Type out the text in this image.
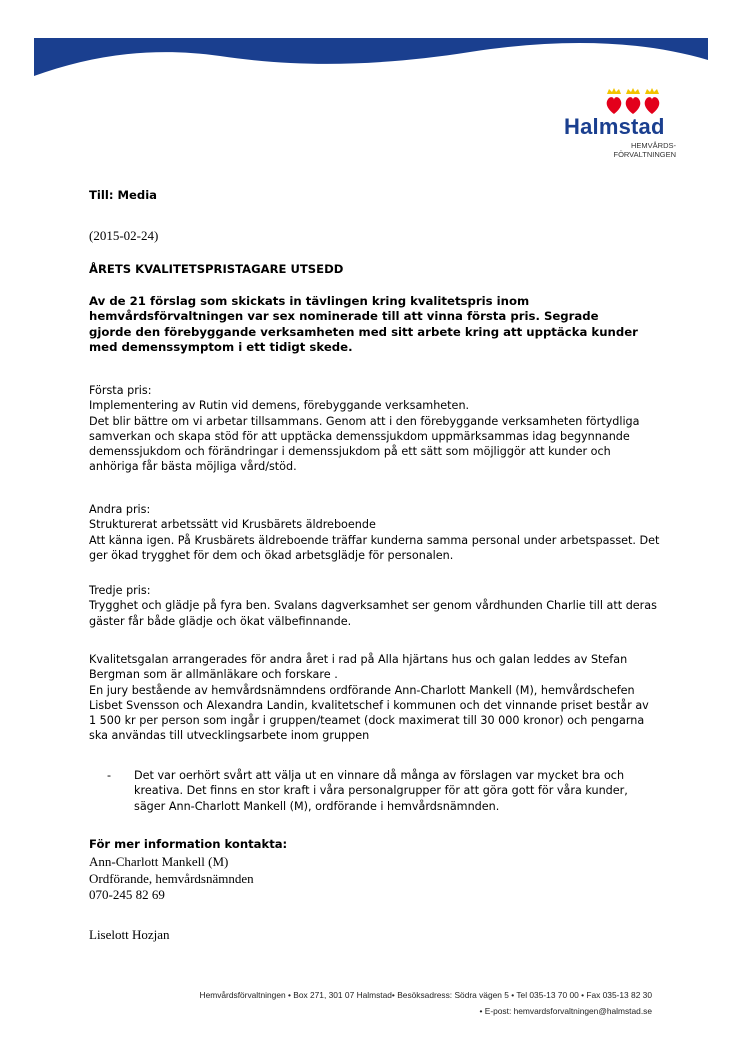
Halmstad
HEMVÅRDS-
FÖRVALTNINGEN
Till: Media
(2015-02-24)
ÅRETS KVALITETSPRISTAGARE UTSEDD
Av de 21 förslag som skickats in tävlingen kring kvalitetspris inom
hemvårdsförvaltningen var sex nominerade till att vinna första pris. Segrade
gjorde den förebyggande verksamheten med sitt arbete kring att upptäcka kunder
med demenssymptom i ett tidigt skede.
Första pris:
Implementering av Rutin vid demens, förebyggande verksamheten.
Det blir bättre om vi arbetar tillsammans. Genom att i den förebyggande verksamheten förtydliga
samverkan och skapa stöd för att upptäcka demenssjukdom uppmärksammas idag begynnande
demenssjukdom och förändringar i demenssjukdom på ett sätt som möjliggör att kunder och
anhöriga får bästa möjliga vård/stöd.
Andra pris:
Strukturerat arbetssätt vid Krusbärets äldreboende
Att känna igen. På Krusbärets äldreboende träffar kunderna samma personal under arbetspasset. Det
ger ökad trygghet för dem och ökad arbetsglädje för personalen.
Tredje pris:
Trygghet och glädje på fyra ben. Svalans dagverksamhet ser genom vårdhunden Charlie till att deras
gäster får både glädje och ökat välbefinnande.
Kvalitetsgalan arrangerades för andra året i rad på Alla hjärtans hus och galan leddes av Stefan
Bergman som är allmänläkare och forskare .
En jury bestående av hemvårdsnämndens ordförande Ann-Charlott Mankell (M), hemvårdschefen
Lisbet Svensson och Alexandra Landin, kvalitetschef i kommunen och det vinnande priset består av
1 500 kr per person som ingår i gruppen/teamet (dock maximerat till 30 000 kronor) och pengarna
ska användas till utvecklingsarbete inom gruppen
- Det var oerhört svårt att välja ut en vinnare då många av förslagen var mycket bra och
kreativa. Det finns en stor kraft i våra personalgrupper för att göra gott för våra kunder,
säger Ann-Charlott Mankell (M), ordförande i hemvårdsnämnden.
För mer information kontakta:
Ann-Charlott Mankell (M)
Ordförande, hemvårdsnämnden
070-245 82 69
Liselott Hozjan
Hemvårdsförvaltningen • Box 271, 301 07 Halmstad• Besöksadress: Södra vägen 5 • Tel 035-13 70 00 • Fax 035-13 82 30
• E-post: hemvardsforvaltningen@halmstad.se
